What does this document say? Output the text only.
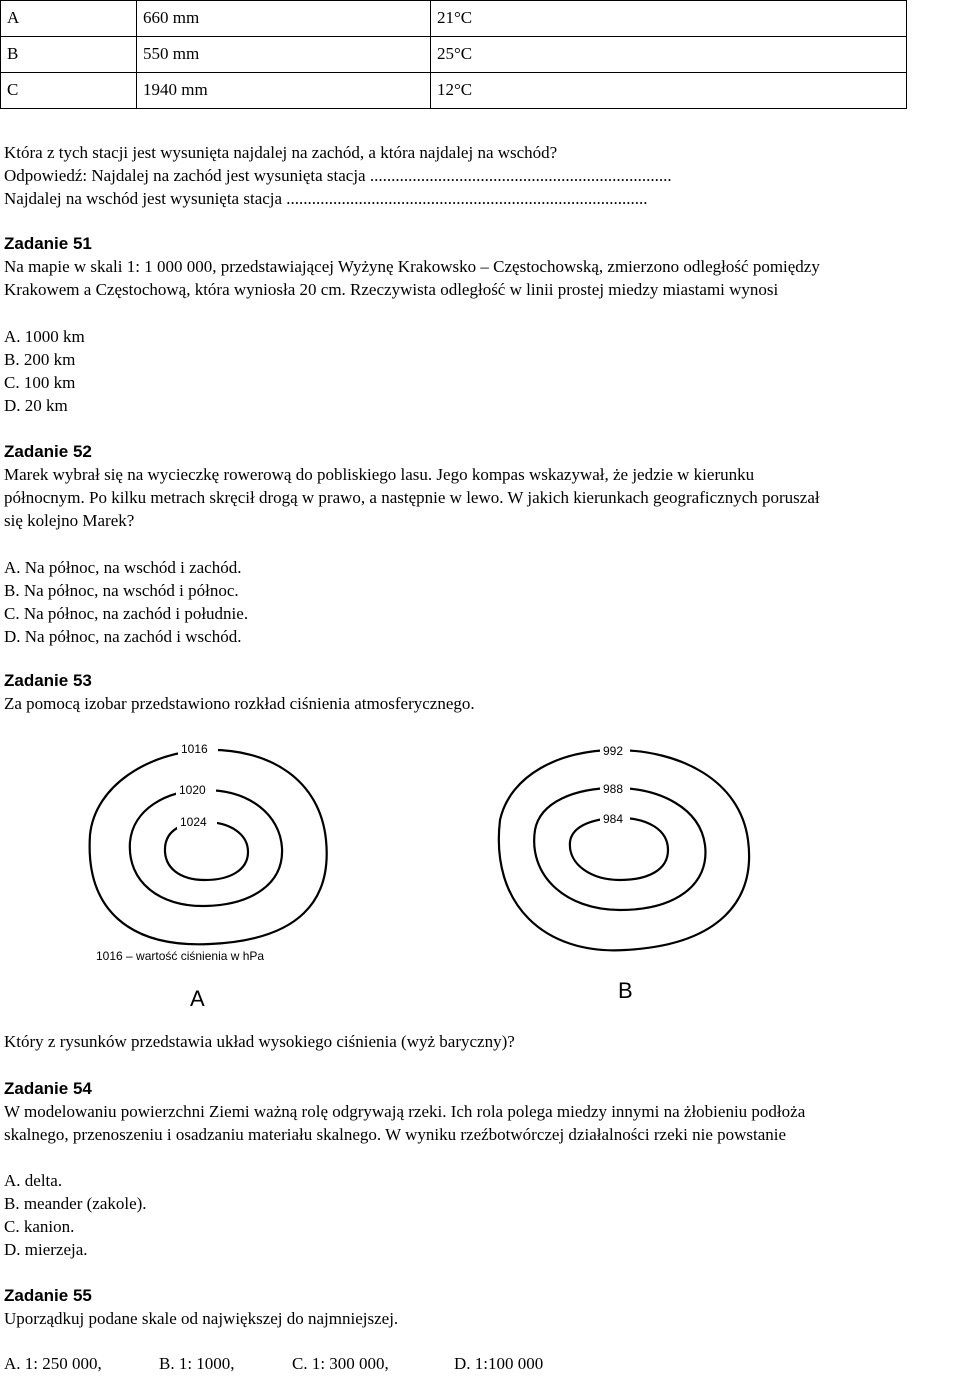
A	660 mm	21°C
B	550 mm	25°C
C	1940 mm	12°C
Która z tych stacji jest wysunięta najdalej na zachód, a która najdalej na wschód?
Odpowiedź: Najdalej na zachód jest wysunięta stacja .......................................................................
Najdalej na wschód jest wysunięta stacja .....................................................................................
Zadanie 51
Na mapie w skali 1: 1 000 000, przedstawiającej Wyżynę Krakowsko – Częstochowską, zmierzono odległość pomiędzy
Krakowem a Częstochową, która wyniosła 20 cm. Rzeczywista odległość w linii prostej miedzy miastami wynosi
A. 1000 km
B. 200 km
C. 100 km
D. 20 km
Zadanie 52
Marek wybrał się na wycieczkę rowerową do pobliskiego lasu. Jego kompas wskazywał, że jedzie w kierunku
północnym. Po kilku metrach skręcił drogą w prawo, a następnie w lewo. W jakich kierunkach geograficznych poruszał
się kolejno Marek?
A. Na północ, na wschód i zachód.
B. Na północ, na wschód i północ.
C. Na północ, na zachód i południe.
D. Na północ, na zachód i wschód.
Zadanie 53
Za pomocą izobar przedstawiono rozkład ciśnienia atmosferycznego.
1016
1020
1024
992
988
984
1016 – wartość ciśnienia w hPa
A	B
Który z rysunków przedstawia układ wysokiego ciśnienia (wyż baryczny)?
Zadanie 54
W modelowaniu powierzchni Ziemi ważną rolę odgrywają rzeki. Ich rola polega miedzy innymi na żłobieniu podłoża
skalnego, przenoszeniu i osadzaniu materiału skalnego. W wyniku rzeźbotwórczej działalności rzeki nie powstanie
A. delta.
B. meander (zakole).
C. kanion.
D. mierzeja.
Zadanie 55
Uporządkuj podane skale od największej do najmniejszej.
A. 1: 250 000,	B. 1: 1000,	C. 1: 300 000,	D. 1:100 000
